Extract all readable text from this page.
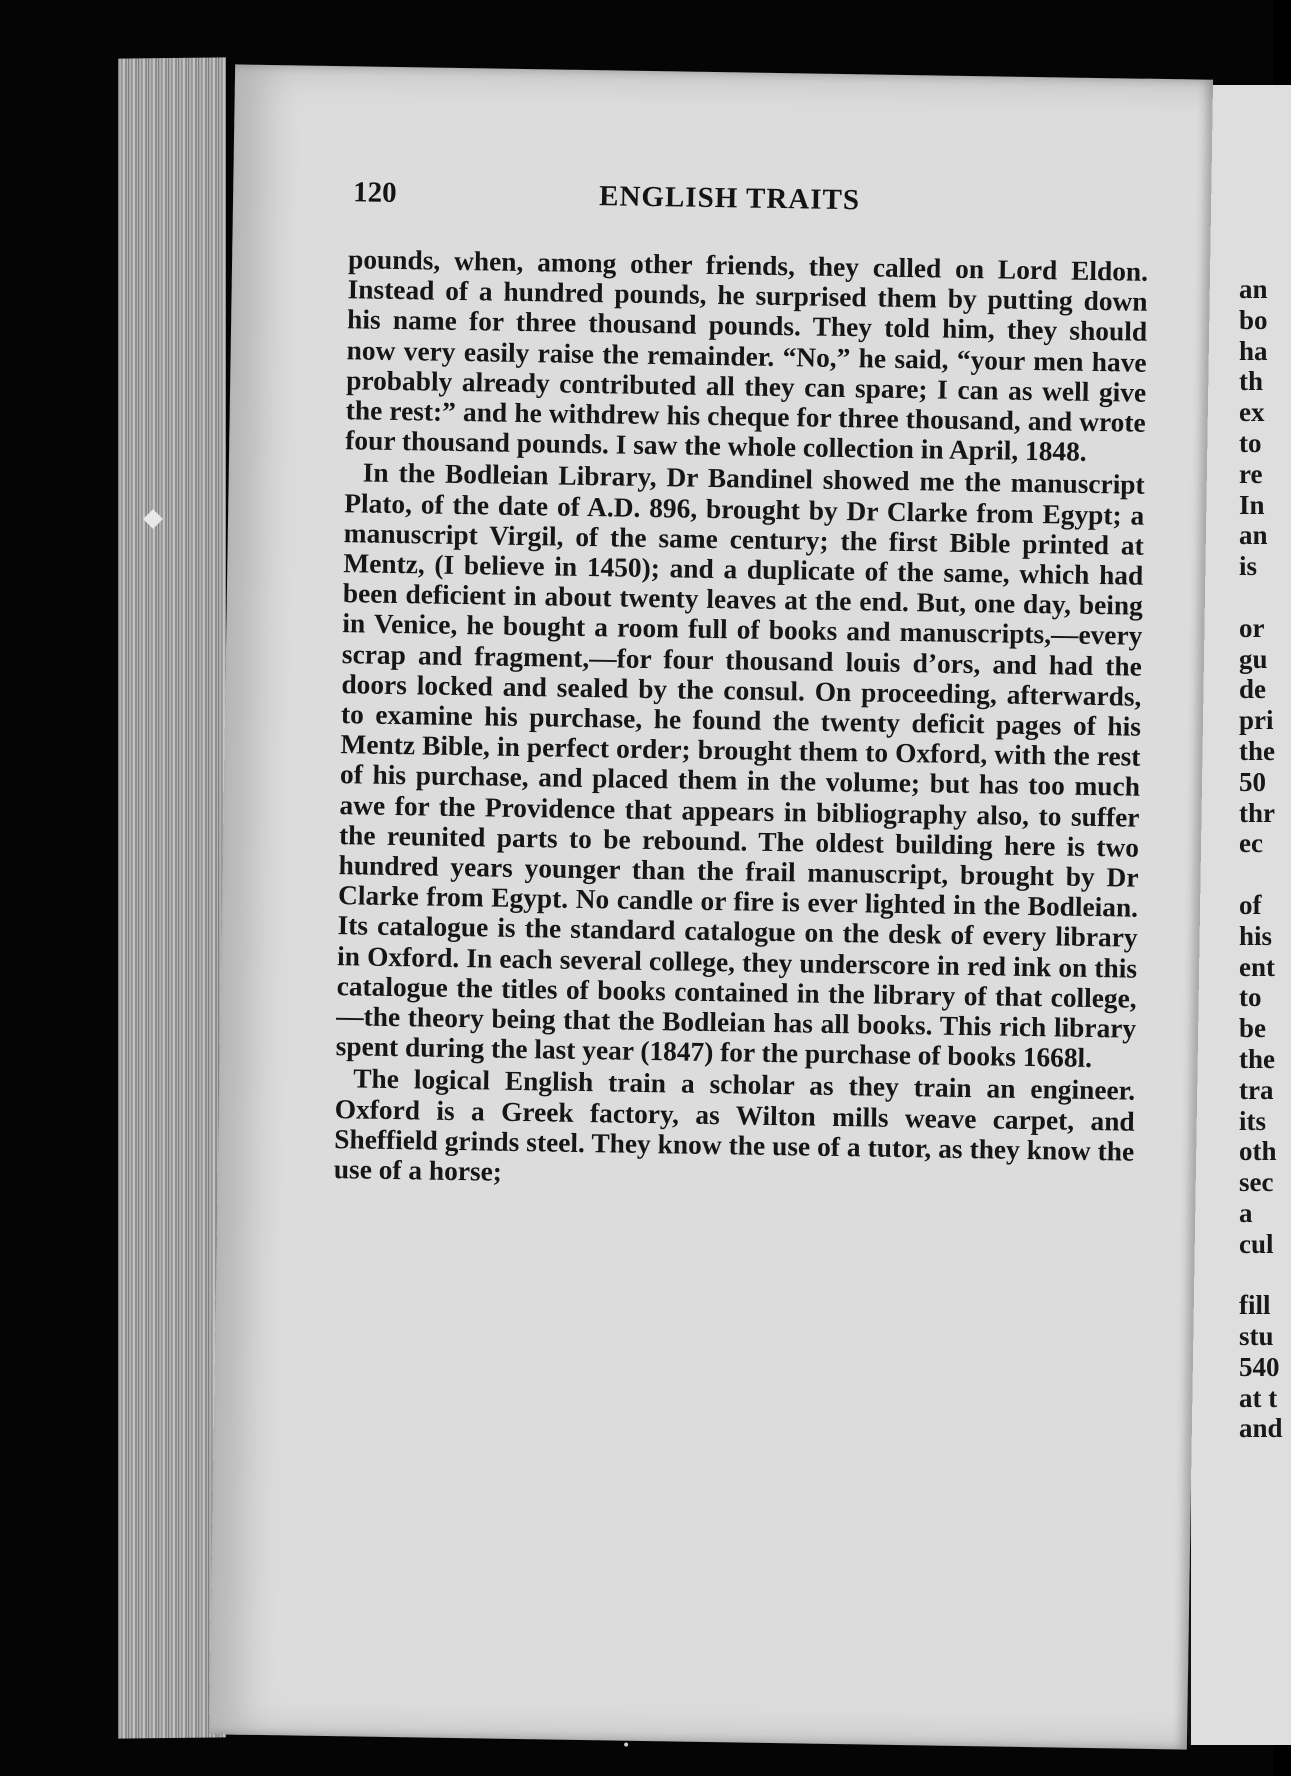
an
bo
ha
th
ex
to
re
In
an
is

or
gu
de
pri
the
50
thr
ec

of
his
ent
to
be
the
tra
its
oth
sec
a
cul

fill
stu
540
at t
and
120	ENGLISH TRAITS

pounds, when, among other friends, they called on Lord Eldon. Instead of a hundred pounds, he surprised them by putting down his name for three thousand pounds. They told him, they should now very easily raise the remainder. “No,” he said, “your men have probably already contributed all they can spare; I can as well give the rest:” and he withdrew his cheque for three thousand, and wrote four thousand pounds. I saw the whole collection in April, 1848.

In the Bodleian Library, Dr Bandinel showed me the manuscript Plato, of the date of A.D. 896, brought by Dr Clarke from Egypt; a manuscript Virgil, of the same century; the first Bible printed at Mentz, (I believe in 1450); and a duplicate of the same, which had been deficient in about twenty leaves at the end. But, one day, being in Venice, he bought a room full of books and manuscripts,—every scrap and fragment,—for four thousand louis d’ors, and had the doors locked and sealed by the consul. On proceeding, afterwards, to examine his purchase, he found the twenty deficit pages of his Mentz Bible, in perfect order; brought them to Oxford, with the rest of his purchase, and placed them in the volume; but has too much awe for the Providence that appears in bibliography also, to suffer the reunited parts to be rebound. The oldest building here is two hundred years younger than the frail manuscript, brought by Dr Clarke from Egypt. No candle or fire is ever lighted in the Bodleian. Its catalogue is the standard catalogue on the desk of every library in Oxford. In each several college, they underscore in red ink on this catalogue the titles of books contained in the library of that college, —the theory being that the Bodleian has all books. This rich library spent during the last year (1847) for the purchase of books 1668l.

The logical English train a scholar as they train an engineer. Oxford is a Greek factory, as Wilton mills weave carpet, and Sheffield grinds steel. They know the use of a tutor, as they know the use of a horse;

•
